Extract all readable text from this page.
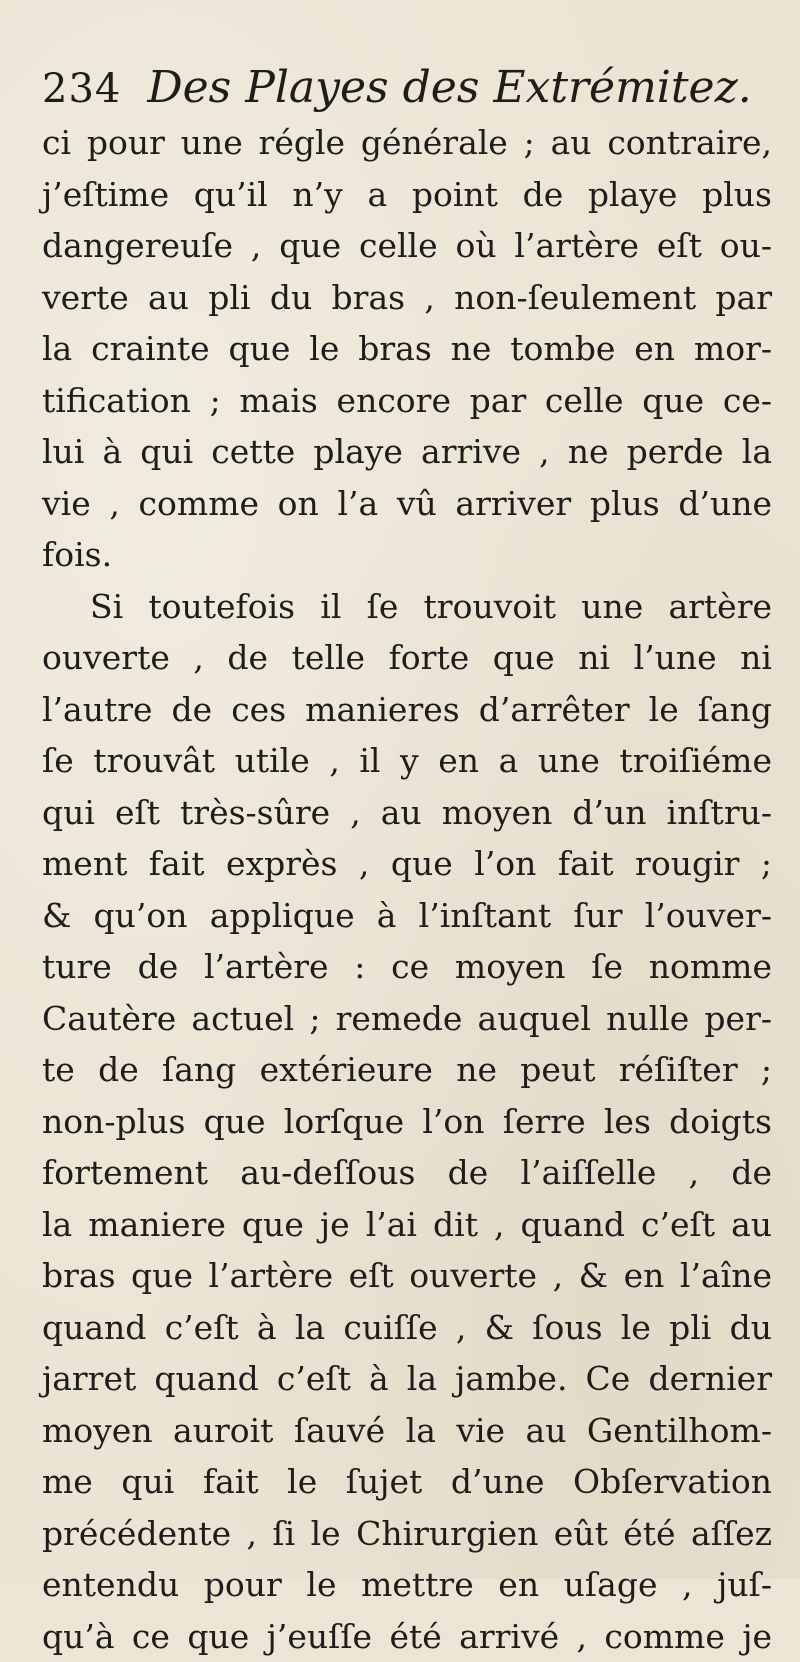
234 Des Playes des Extrémitez.
ci pour une régle générale ; au contraire,
j’eſtime qu’il n’y a point de playe plus
dangereuſe , que celle où l’artère eſt ou-
verte au pli du bras , non-ſeulement par
la crainte que le bras ne tombe en mor-
tification ; mais encore par celle que ce-
lui à qui cette playe arrive , ne perde la
vie , comme on l’a vû arriver plus d’une
fois.
Si toutefois il ſe trouvoit une artère
ouverte , de telle forte que ni l’une ni
l’autre de ces manieres d’arrêter le ſang
ſe trouvât utile , il y en a une troiſiéme
qui eſt très-sûre , au moyen d’un inſtru-
ment fait exprès , que l’on fait rougir ;
& qu’on applique à l’inſtant ſur l’ouver-
ture de l’artère : ce moyen ſe nomme
Cautère actuel ; remede auquel nulle per-
te de ſang extérieure ne peut réſiſter ;
non-plus que lorſque l’on ſerre les doigts
fortement au-deſſous de l’aiſſelle , de
la maniere que je l’ai dit , quand c’eſt au
bras que l’artère eſt ouverte , & en l’aîne
quand c’eſt à la cuiſſe , & ſous le pli du
jarret quand c’eſt à la jambe. Ce dernier
moyen auroit ſauvé la vie au Gentilhom-
me qui fait le ſujet d’une Obſervation
précédente , ſi le Chirurgien eût été aſſez
entendu pour le mettre en uſage , juſ-
qu’à ce que j’euſſe été arrivé , comme je
